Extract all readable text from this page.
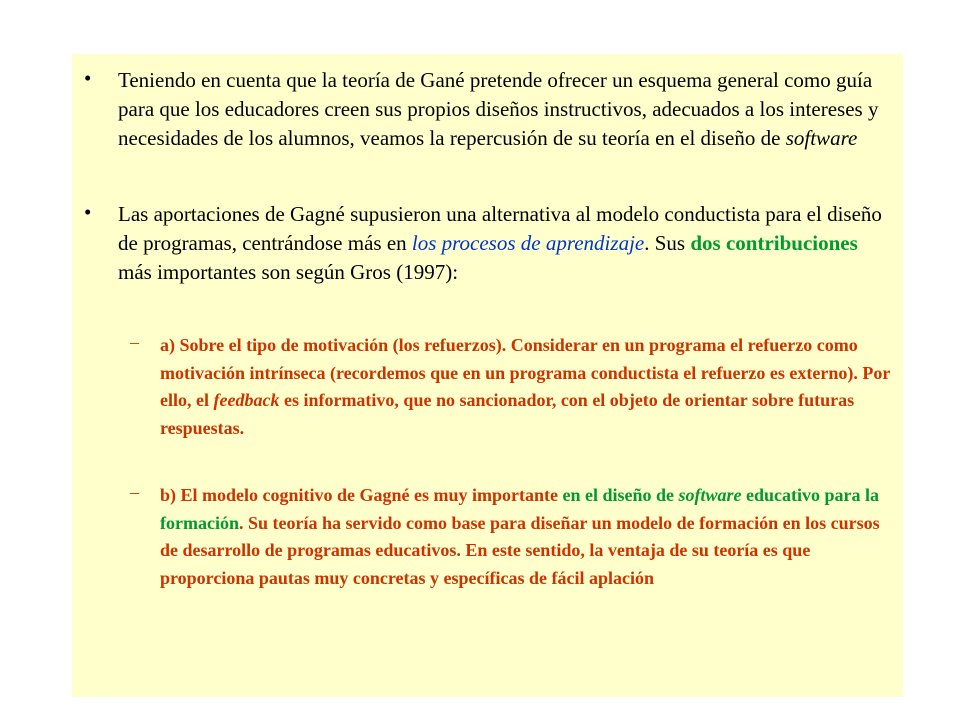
• Teniendo en cuenta que la teoría de Gané pretende ofrecer un esquema general como guía para que los educadores creen sus propios diseños instructivos, adecuados a los intereses y necesidades de los alumnos, veamos la repercusión de su teoría en el diseño de software

• Las aportaciones de Gagné supusieron una alternativa al modelo conductista para el diseño de programas, centrándose más en los procesos de aprendizaje. Sus dos contribuciones más importantes son según Gros (1997):

– a) Sobre el tipo de motivación (los refuerzos). Considerar en un programa el refuerzo como motivación intrínseca (recordemos que en un programa conductista el refuerzo es externo). Por ello, el feedback es informativo, que no sancionador, con el objeto de orientar sobre futuras respuestas.

– b) El modelo cognitivo de Gagné es muy importante en el diseño de software educativo para la formación. Su teoría ha servido como base para diseñar un modelo de formación en los cursos de desarrollo de programas educativos. En este sentido, la ventaja de su teoría es que proporciona pautas muy concretas y específicas de fácil aplación
